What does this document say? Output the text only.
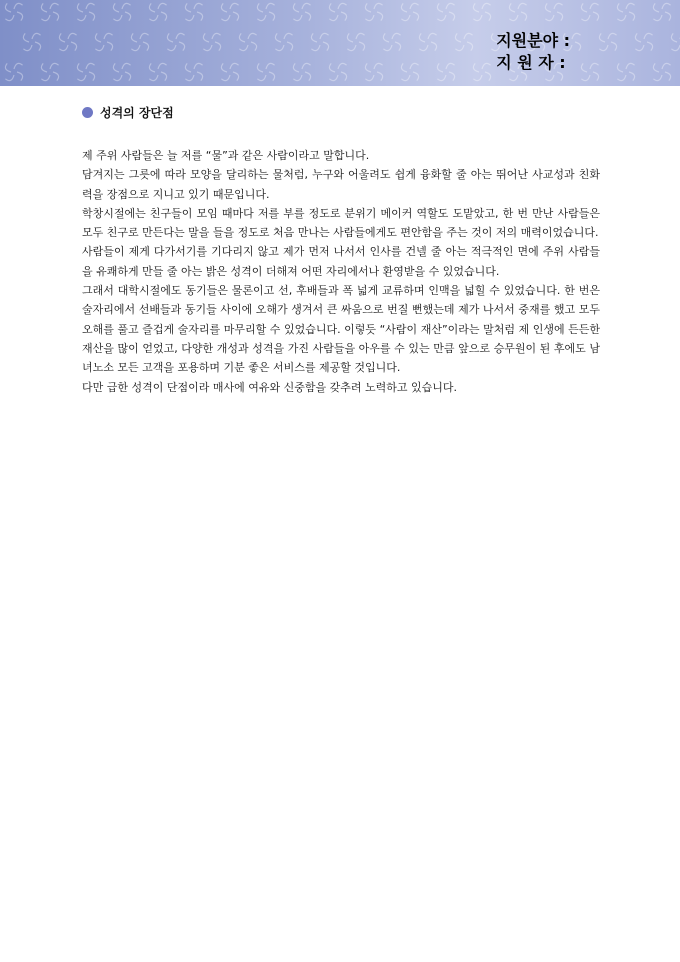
지원분야 :
지 원 자 :
성격의 장단점

제 주위 사람들은 늘 저를 “물”과 같은 사람이라고 말합니다.

담겨지는 그릇에 따라 모양을 달리하는 물처럼, 누구와 어울려도 쉽게 융화할 줄 아는 뛰어난 사교성과 친화력을 장점으로 지니고 있기 때문입니다.

학창시절에는 친구들이 모임 때마다 저를 부를 정도로 분위기 메이커 역할도 도맡았고, 한 번 만난 사람들은 모두 친구로 만든다는 말을 들을 정도로 처음 만나는 사람들에게도 편안함을 주는 것이 저의 매력이었습니다.

사람들이 제게 다가서기를 기다리지 않고 제가 먼저 나서서 인사를 건넬 줄 아는 적극적인 면에 주위 사람들을 유쾌하게 만들 줄 아는 밝은 성격이 더해져 어떤 자리에서나 환영받을 수 있었습니다.

그래서 대학시절에도 동기들은 물론이고 선, 후배들과 폭 넓게 교류하며 인맥을 넓힐 수 있었습니다. 한 번은 술자리에서 선배들과 동기들 사이에 오해가 생겨서 큰 싸움으로 번질 뻔했는데 제가 나서서 중재를 했고 모두 오해를 풀고 즐겁게 술자리를 마무리할 수 있었습니다. 이렇듯 “사람이 재산”이라는 말처럼 제 인생에 든든한 재산을 많이 얻었고, 다양한 개성과 성격을 가진 사람들을 아우를 수 있는 만큼 앞으로 승무원이 된 후에도 남녀노소 모든 고객을 포용하며 기분 좋은 서비스를 제공할 것입니다.

다만 급한 성격이 단점이라 매사에 여유와 신중함을 갖추려 노력하고 있습니다.
